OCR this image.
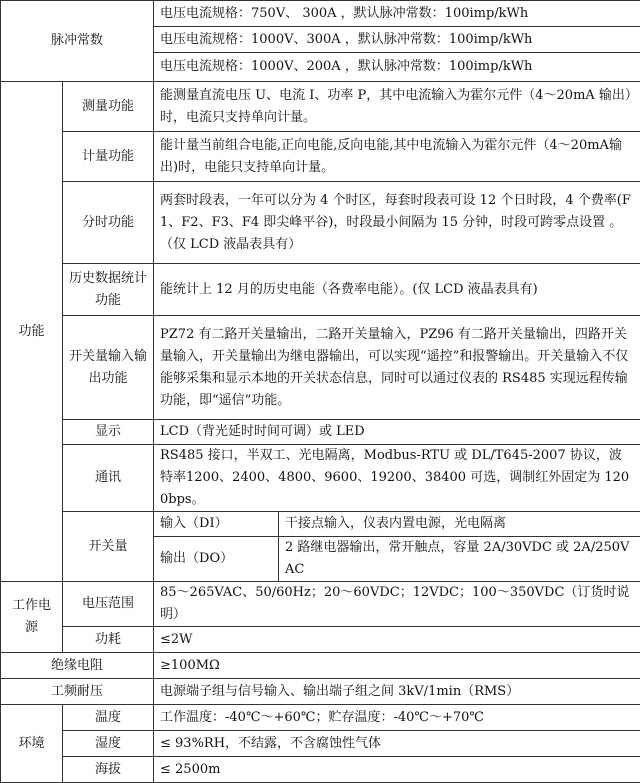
脉冲常数		电压电流规格：750V、 300A ，默认脉冲常数：100imp/kWh	
		电压电流规格：1000V、300A ，默认脉冲常数：100imp/kWh	
		电压电流规格：1000V、200A ，默认脉冲常数：100imp/kWh	
功能	测量功能	能测量直流电压 U、电流 I、功率 P，其中电流输入为霍尔元件（4～20mA 输出）时，电流只支持单向计量。	
	计量功能	能计量当前组合电能,正向电能,反向电能,其中电流输入为霍尔元件（4～20mA输出)时，电能只支持单向计量。	
	分时功能	两套时段表，一年可以分为 4 个时区，每套时段表可设 12 个日时段，4 个费率(F1、F2、F3、F4 即尖峰平谷)，时段最小间隔为 15 分钟，时段可跨零点设置 。（仅 LCD 液晶表具有）	
	历史数据统计功能	能统计上 12 月的历史电能（各费率电能）。(仅 LCD 液晶表具有)	
	开关量输入输出功能	PZ72 有二路开关量输出，二路开关量输入，PZ96 有二路开关量输出，四路开关量输入，开关量输出为继电器输出，可以实现“遥控”和报警输出。开关量输入不仅能够采集和显示本地的开关状态信息，同时可以通过仪表的 RS485 实现远程传输功能，即“遥信”功能。	
	显示	LCD（背光延时时间可调）或 LED	
	通讯	RS485 接口，半双工、光电隔离，Modbus-RTU 或 DL/T645-2007 协议，波特率1200、2400、4800、9600、19200、38400 可选，调制红外固定为 1200bps。	
	开关量	输入（DI）	干接点输入，仪表内置电源，光电隔离
		输出（DO）	2 路继电器输出，常开触点，容量 2A/30VDC 或 2A/250VAC
工作电源	电压范围	85～265VAC、50/60Hz；20～60VDC；12VDC；100～350VDC（订货时说明）	
	功耗	≤2W	
绝缘电阻		≥100MΩ	
工频耐压		电源端子组与信号输入、输出端子组之间 3kV/1min（RMS）	
环境	温度	工作温度：-40℃～+60℃；贮存温度：-40℃～+70℃	
	湿度	≤ 93%RH，不结露，不含腐蚀性气体	
	海拔	≤ 2500m	
